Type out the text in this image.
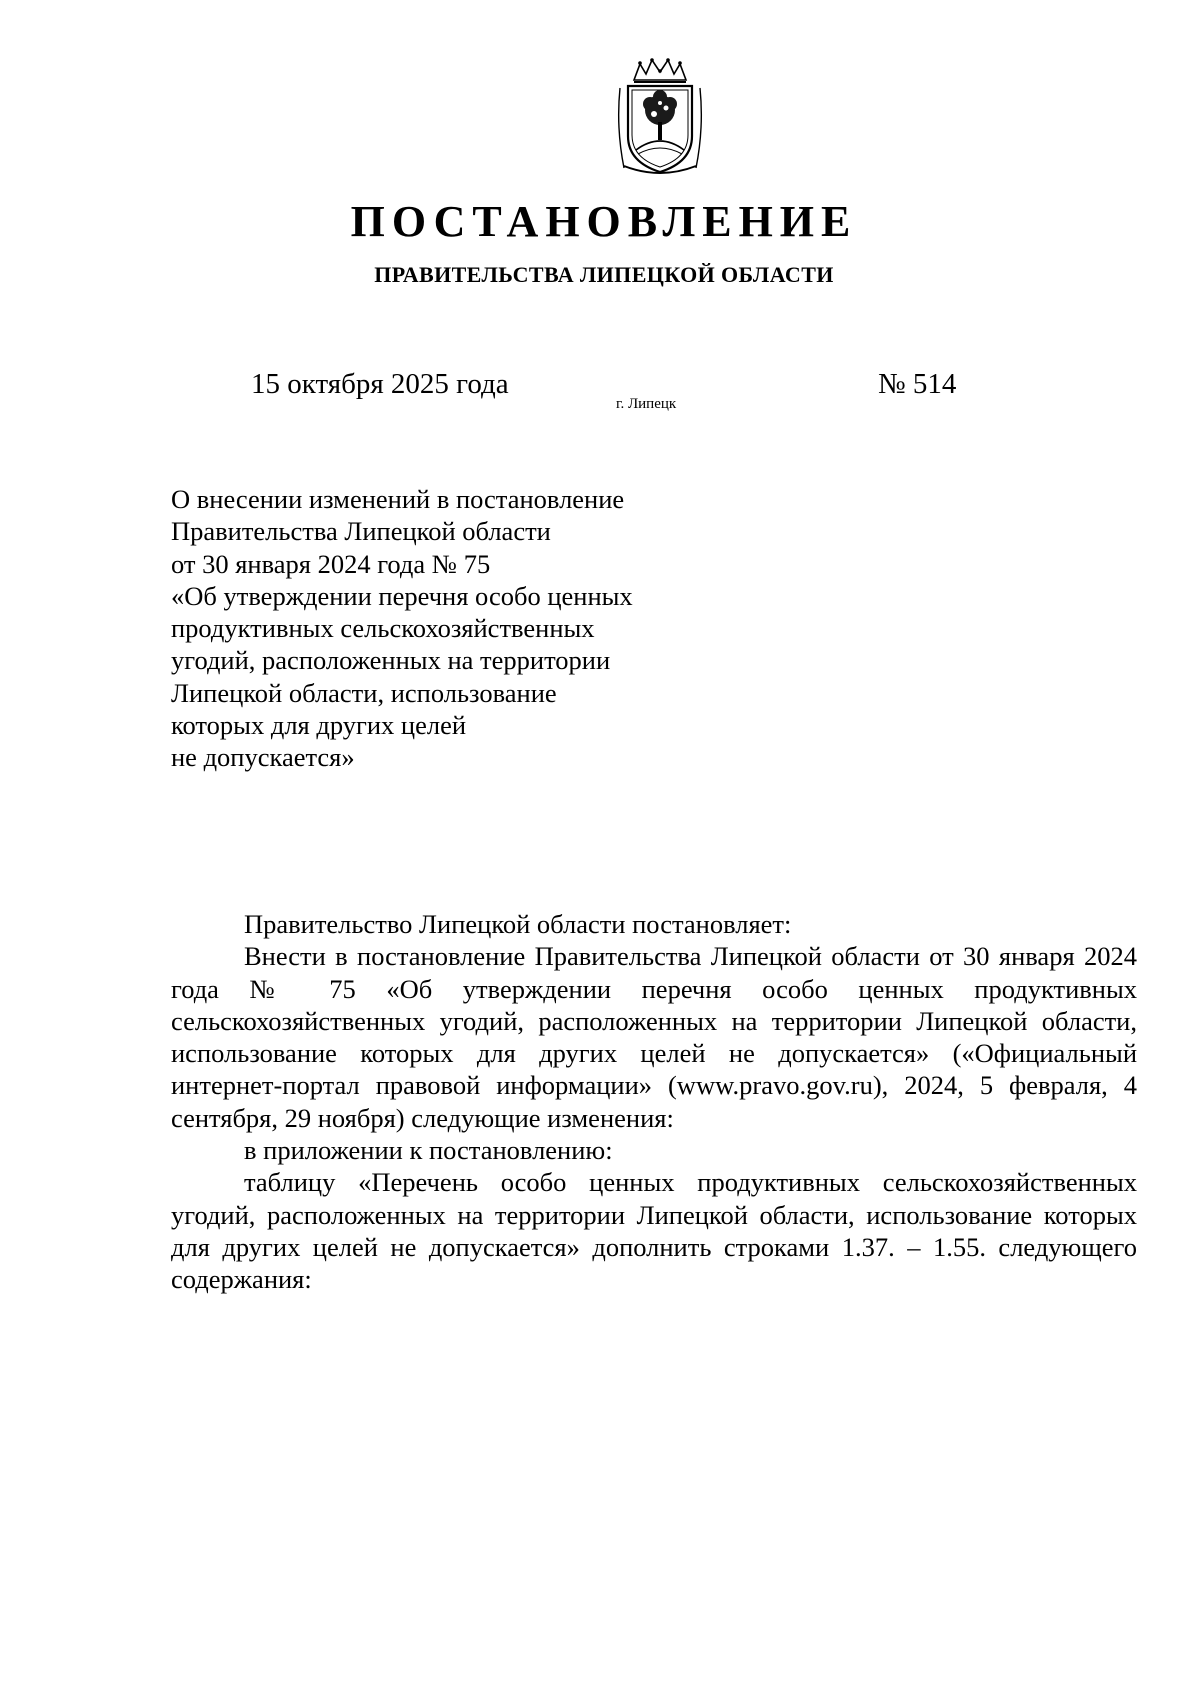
ПОСТАНОВЛЕНИЕ
ПРАВИТЕЛЬСТВА ЛИПЕЦКОЙ ОБЛАСТИ
15 октября 2025 года
г. Липецк
№ 514
О внесении изменений в постановление
Правительства Липецкой области
от 30 января 2024 года № 75
«Об утверждении перечня особо ценных
продуктивных сельскохозяйственных
угодий, расположенных на территории
Липецкой области, использование
которых для других целей
не допускается»

Правительство Липецкой области постановляет:

Внести в постановление Правительства Липецкой области от 30 января 2024 года № 75 «Об утверждении перечня особо ценных продуктивных сельскохозяйственных угодий, расположенных на территории Липецкой области, использование которых для других целей не допускается» («Официальный интернет-портал правовой информации» (www.pravo.gov.ru), 2024, 5 февраля, 4 сентября, 29 ноября) следующие изменения:

в приложении к постановлению:

таблицу «Перечень особо ценных продуктивных сельскохозяйственных угодий, расположенных на территории Липецкой области, использование которых для других целей не допускается» дополнить строками 1.37. – 1.55. следующего содержания:
